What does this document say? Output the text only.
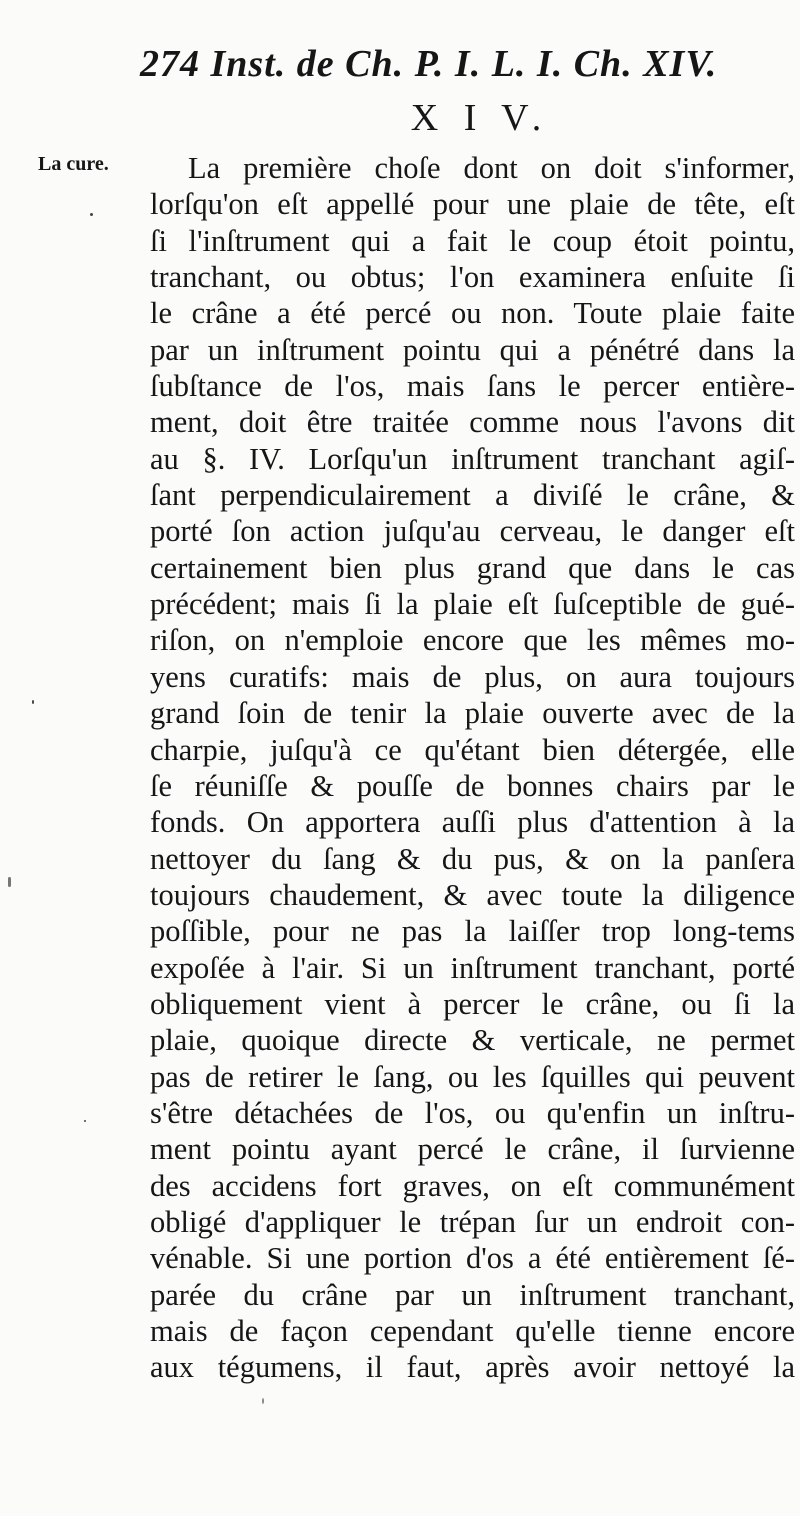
274 Inst. de Ch. P. I. L. I. Ch. XIV.
X I V.
La cure.	La première choſe dont on doit s'informer,
lorſqu'on eſt appellé pour une plaie de tête, eſt
ſi l'inſtrument qui a fait le coup étoit pointu,
tranchant, ou obtus; l'on examinera enſuite ſi
le crâne a été percé ou non. Toute plaie faite
par un inſtrument pointu qui a pénétré dans la
ſubſtance de l'os, mais ſans le percer entière-
ment, doit être traitée comme nous l'avons dit
au §. IV. Lorſqu'un inſtrument tranchant agiſ-
ſant perpendiculairement a diviſé le crâne, &
porté ſon action juſqu'au cerveau, le danger eſt
certainement bien plus grand que dans le cas
précédent; mais ſi la plaie eſt ſuſceptible de gué-
riſon, on n'emploie encore que les mêmes mo-
yens curatifs: mais de plus, on aura toujours
grand ſoin de tenir la plaie ouverte avec de la
charpie, juſqu'à ce qu'étant bien détergée, elle
ſe réuniſſe & pouſſe de bonnes chairs par le
fonds. On apportera auſſi plus d'attention à la
nettoyer du ſang & du pus, & on la panſera
toujours chaudement, & avec toute la diligence
poſſible, pour ne pas la laiſſer trop long-tems
expoſée à l'air. Si un inſtrument tranchant, porté
obliquement vient à percer le crâne, ou ſi la
plaie, quoique directe & verticale, ne permet
pas de retirer le ſang, ou les ſquilles qui peuvent
s'être détachées de l'os, ou qu'enfin un inſtru-
ment pointu ayant percé le crâne, il ſurvienne
des accidens fort graves, on eſt communément
obligé d'appliquer le trépan ſur un endroit con-
vénable. Si une portion d'os a été entièrement ſé-
parée du crâne par un inſtrument tranchant,
mais de façon cependant qu'elle tienne encore
aux tégumens, il faut, après avoir nettoyé la
